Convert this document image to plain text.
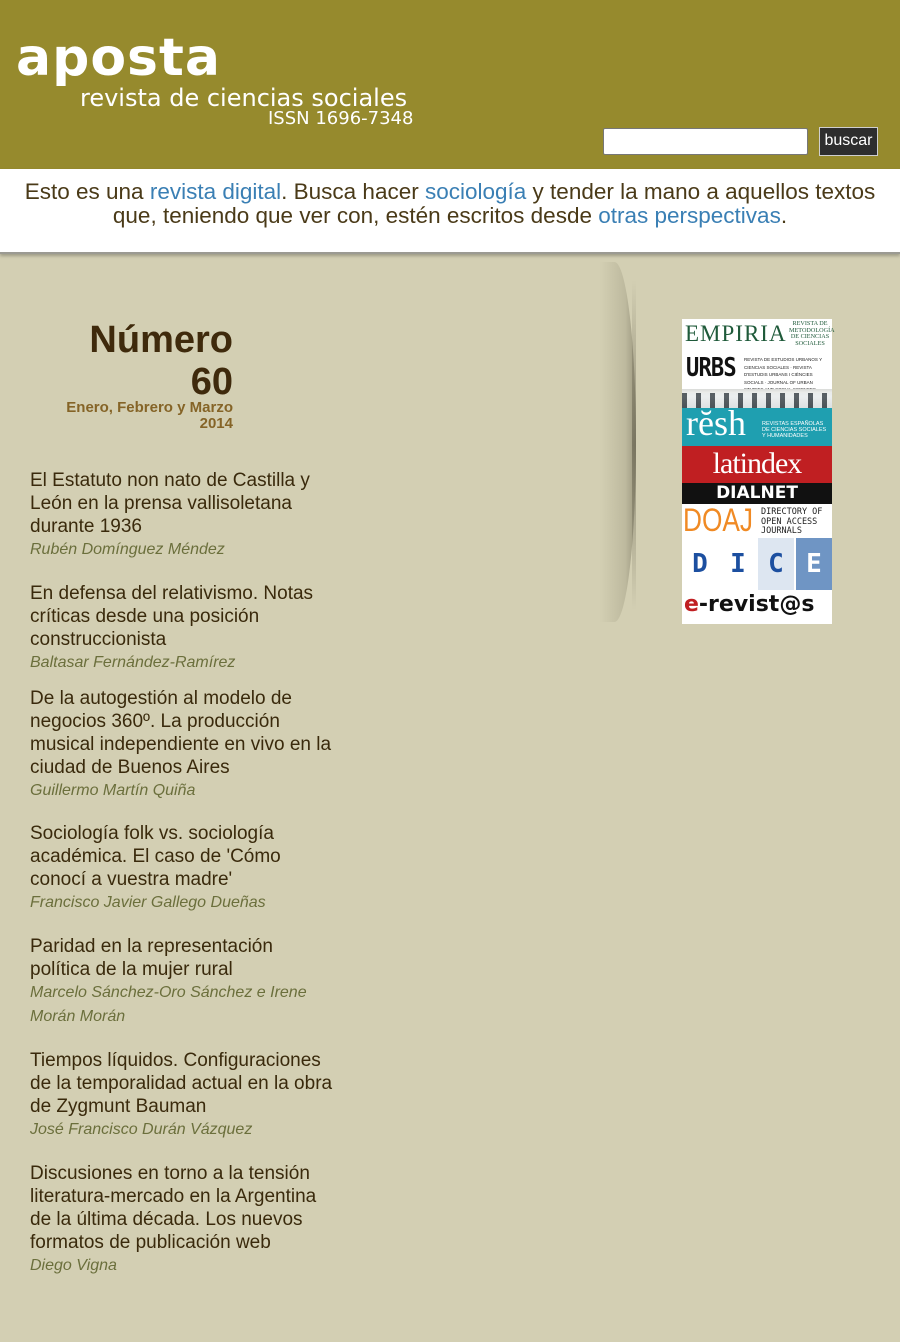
aposta
revista de ciencias sociales
ISSN 1696-7348
buscar
Esto es una revista digital. Busca hacer sociología y tender la mano a aquellos textos que, teniendo que ver con, estén escritos desde otras perspectivas.
Número
60
Enero, Febrero y Marzo
2014
El Estatuto non nato de Castilla y León en la prensa vallisoletana durante 1936
Rubén Domínguez Méndez
En defensa del relativismo. Notas críticas desde una posición construccionista
Baltasar Fernández-Ramírez
De la autogestión al modelo de negocios 360º. La producción musical independiente en vivo en la ciudad de Buenos Aires
Guillermo Martín Quiña
Sociología folk vs. sociología académica. El caso de 'Cómo conocí a vuestra madre'
Francisco Javier Gallego Dueñas
Paridad en la representación política de la mujer rural
Marcelo Sánchez-Oro Sánchez e Irene Morán Morán
Tiempos líquidos. Configuraciones de la temporalidad actual en la obra de Zygmunt Bauman
José Francisco Durán Vázquez
Discusiones en torno a la tensión literatura-mercado en la Argentina de la última década. Los nuevos formatos de publicación web
Diego Vigna
EMPIRIA REVISTA DE METODOLOGÍA DE CIENCIAS SOCIALES
URBS REVISTA DE ESTUDIOS URBANOS Y CIENCIAS SOCIALES · REVISTA D'ESTUDIS URBANS I CIÈNCIES SOCIALS · JOURNAL OF URBAN
rĕsh	REVISTAS ESPAÑOLAS DE CIENCIAS SOCIALES Y HUMANIDADES
latindex
DIALNET
DOAJ DIRECTORY OF OPEN ACCESS JOURNALS
D I C E
e-revist@s
